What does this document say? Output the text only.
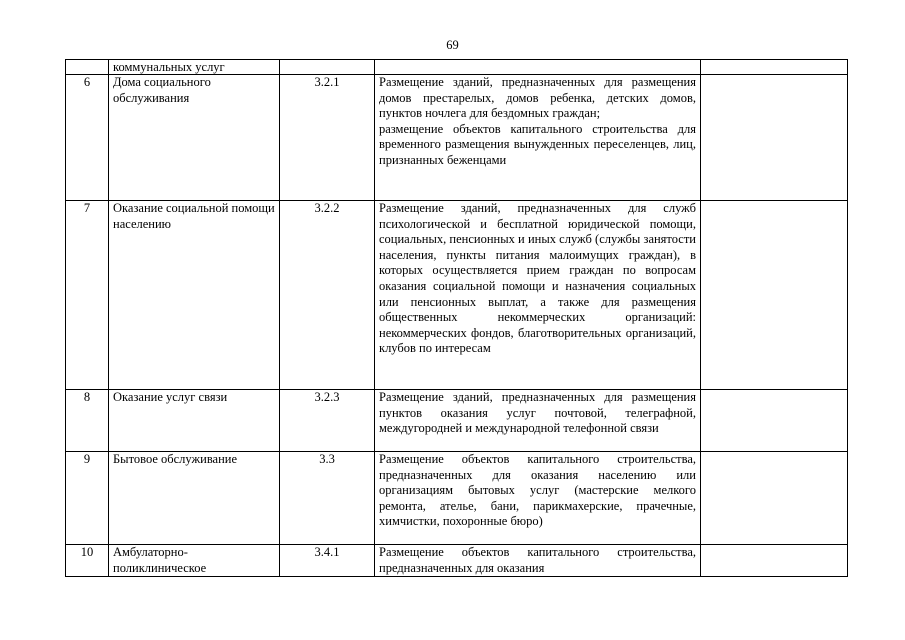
69
	коммунальных услуг			
6	Дома социального обслуживания	3.2.1	Размещение зданий, предназначенных для размещения домов престарелых, домов ребенка, детских домов, пунктов ночлега для бездомных граждан;
размещение объектов капитального строительства для временного размещения вынужденных переселенцев, лиц, признанных беженцами	

7	Оказание социальной помощи населению	3.2.2	Размещение зданий, предназначенных для служб психологической и бесплатной юридической помощи, социальных, пенсионных и иных служб (службы занятости населения, пункты питания малоимущих граждан), в которых осуществляется прием граждан по вопросам оказания социальной помощи и назначения социальных или пенсионных выплат, а также для размещения общественных некоммерческих организаций: некоммерческих фондов, благотворительных организаций, клубов по интересам	

8	Оказание услуг связи	3.2.3	Размещение зданий, предназначенных для размещения пунктов оказания услуг почтовой, телеграфной, междугородней и международной телефонной связи	

9	Бытовое обслуживание	3.3	Размещение объектов капитального строительства, предназначенных для оказания населению или организациям бытовых услуг (мастерские мелкого ремонта, ателье, бани, парикмахерские, прачечные, химчистки, похоронные бюро)	

10	Амбулаторно-поликлиническое	3.4.1	Размещение объектов капитального строительства, предназначенных для оказания	
